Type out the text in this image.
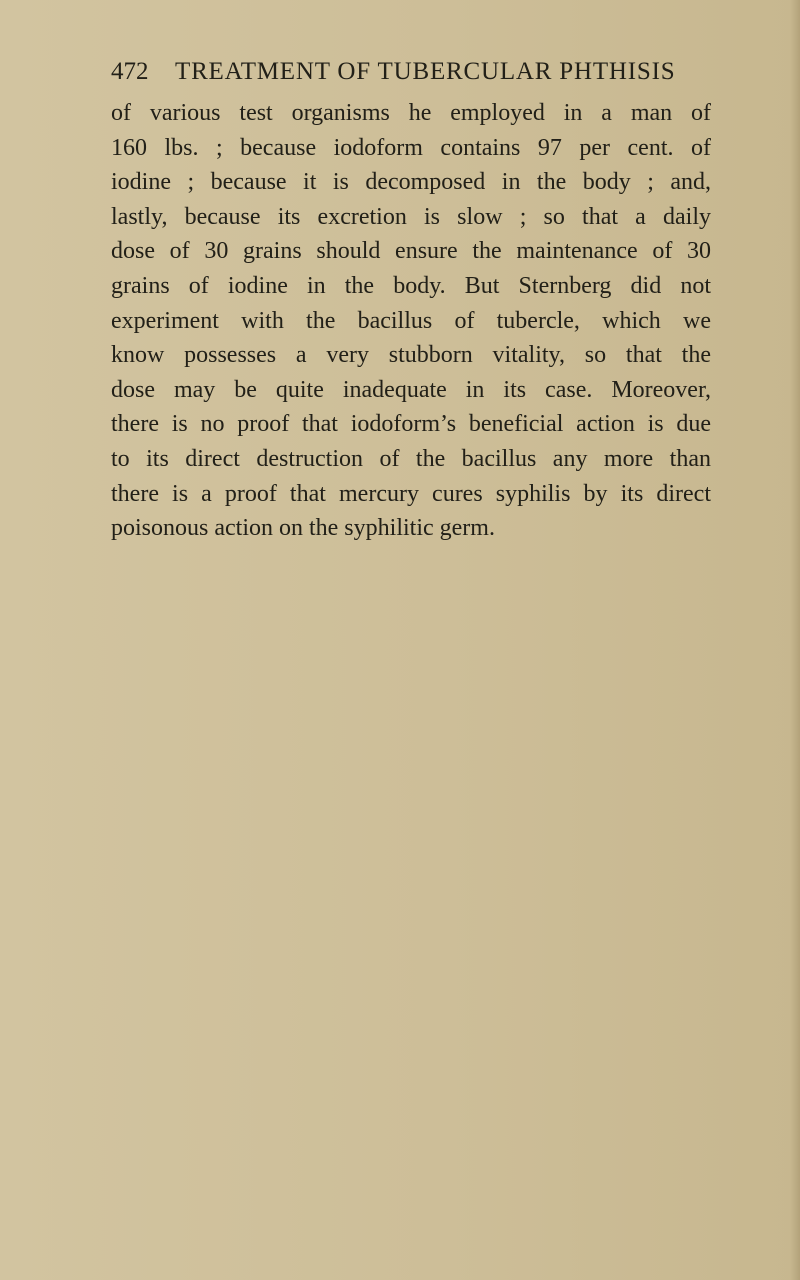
472	TREATMENT OF TUBERCULAR PHTHISIS
of various test organisms he employed in a man of
160 lbs. ; because iodoform contains 97 per cent. of
iodine ; because it is decomposed in the body ; and,
lastly, because its excretion is slow ; so that a daily
dose of 30 grains should ensure the maintenance of 30
grains of iodine in the body. But Sternberg did not
experiment with the bacillus of tubercle, which we
know possesses a very stubborn vitality, so that the
dose may be quite inadequate in its case. Moreover,
there is no proof that iodoform’s beneficial action is due
to its direct destruction of the bacillus any more than
there is a proof that mercury cures syphilis by its direct
poisonous action on the syphilitic germ.
